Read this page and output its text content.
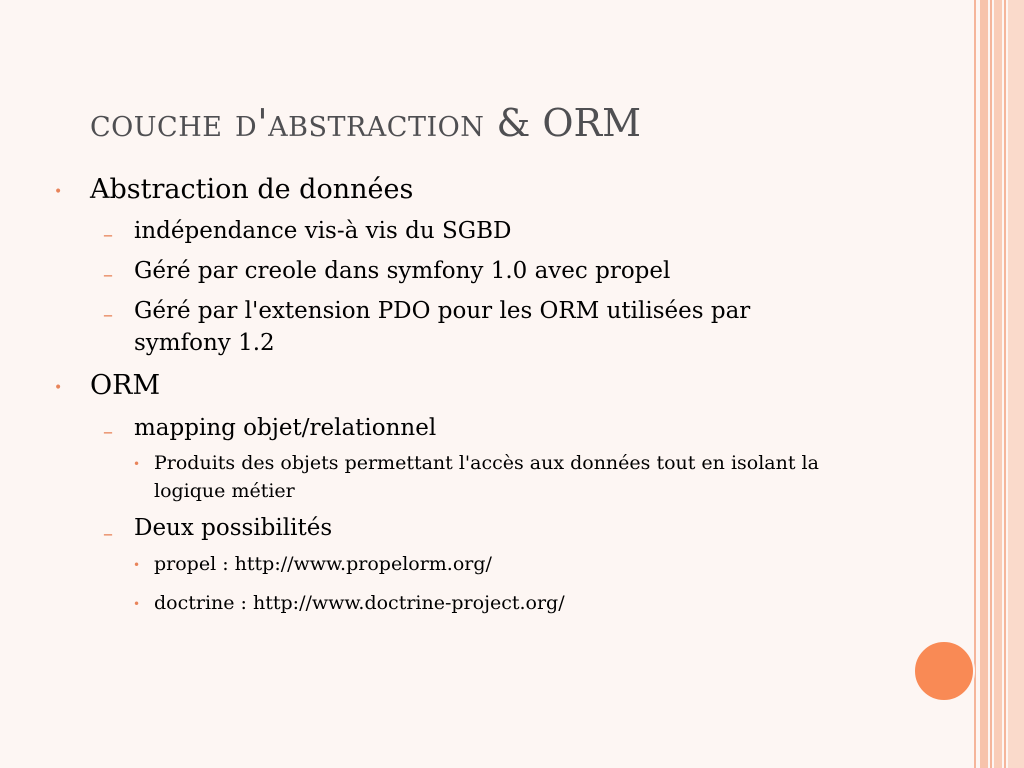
couche d'abstraction & ORM
• Abstraction de données
– indépendance vis-à vis du SGBD
– Géré par creole dans symfony 1.0 avec propel
– Géré par l'extension PDO pour les ORM utilisées par
symfony 1.2
• ORM
– mapping objet/relationnel
• Produits des objets permettant l'accès aux données tout en isolant la
logique métier
– Deux possibilités
• propel : http://www.propelorm.org/
• doctrine : http://www.doctrine-project.org/
